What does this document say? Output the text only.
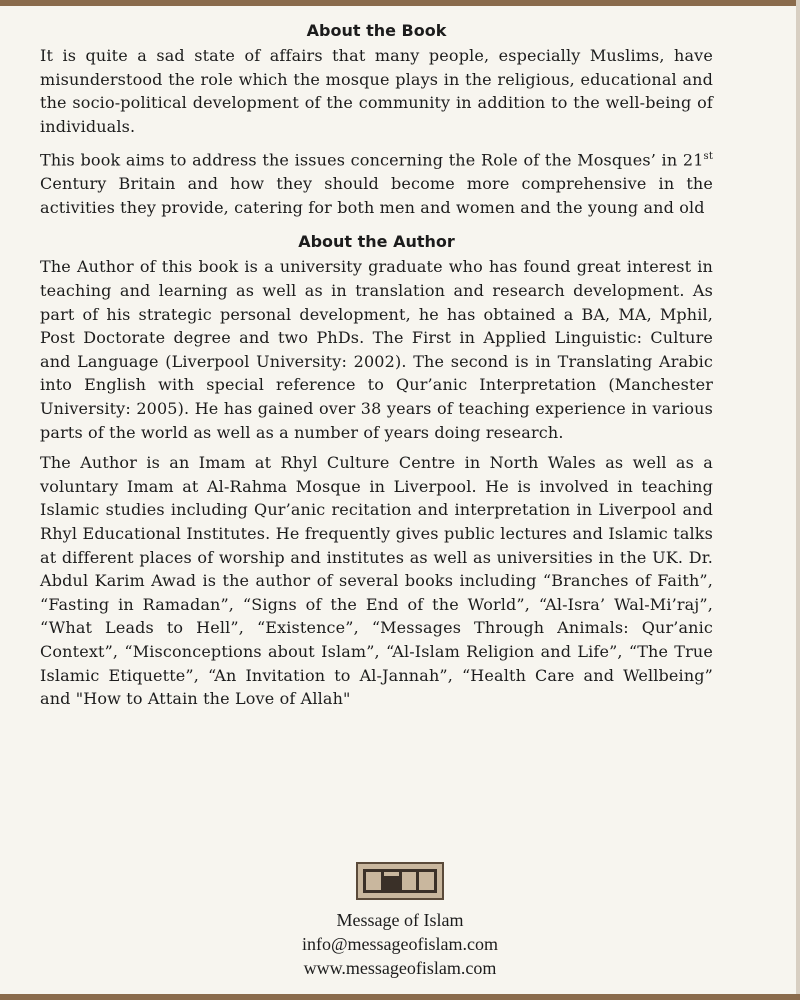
About the Book

It is quite a sad state of affairs that many people, especially Muslims, have misunderstood the role which the mosque plays in the religious, educational and the socio-political development of the community in addition to the well-being of individuals.

This book aims to address the issues concerning the Role of the Mosques’ in 21st Century Britain and how they should become more comprehensive in the activities they provide, catering for both men and women and the young and old

About the Author

The Author of this book is a university graduate who has found great interest in teaching and learning as well as in translation and research development. As part of his strategic personal development, he has obtained a BA, MA, Mphil, Post Doctorate degree and two PhDs. The First in Applied Linguistic: Culture and Language (Liverpool University: 2002). The second is in Translating Arabic into English with special reference to Qur’anic Interpretation (Manchester University: 2005). He has gained over 38 years of teaching experience in various parts of the world as well as a number of years doing research.

The Author is an Imam at Rhyl Culture Centre in North Wales as well as a voluntary Imam at Al-Rahma Mosque in Liverpool. He is involved in teaching Islamic studies including Qur’anic recitation and interpretation in Liverpool and Rhyl Educational Institutes. He frequently gives public lectures and Islamic talks at different places of worship and institutes as well as universities in the UK. Dr. Abdul Karim Awad is the author of several books including “Branches of Faith”, “Fasting in Ramadan”, “Signs of the End of the World”, “Al-Isra’ Wal-Mi’raj”, “What Leads to Hell”, “Existence”, “Messages Through Animals: Qur’anic Context”, “Misconceptions about Islam”, “Al-Islam Religion and Life”, “The True Islamic Etiquette”, “An Invitation to Al-Jannah”, “Health Care and Wellbeing” and "How to Attain the Love of Allah"

Message of Islam
info@messageofislam.com
www.messageofislam.com
